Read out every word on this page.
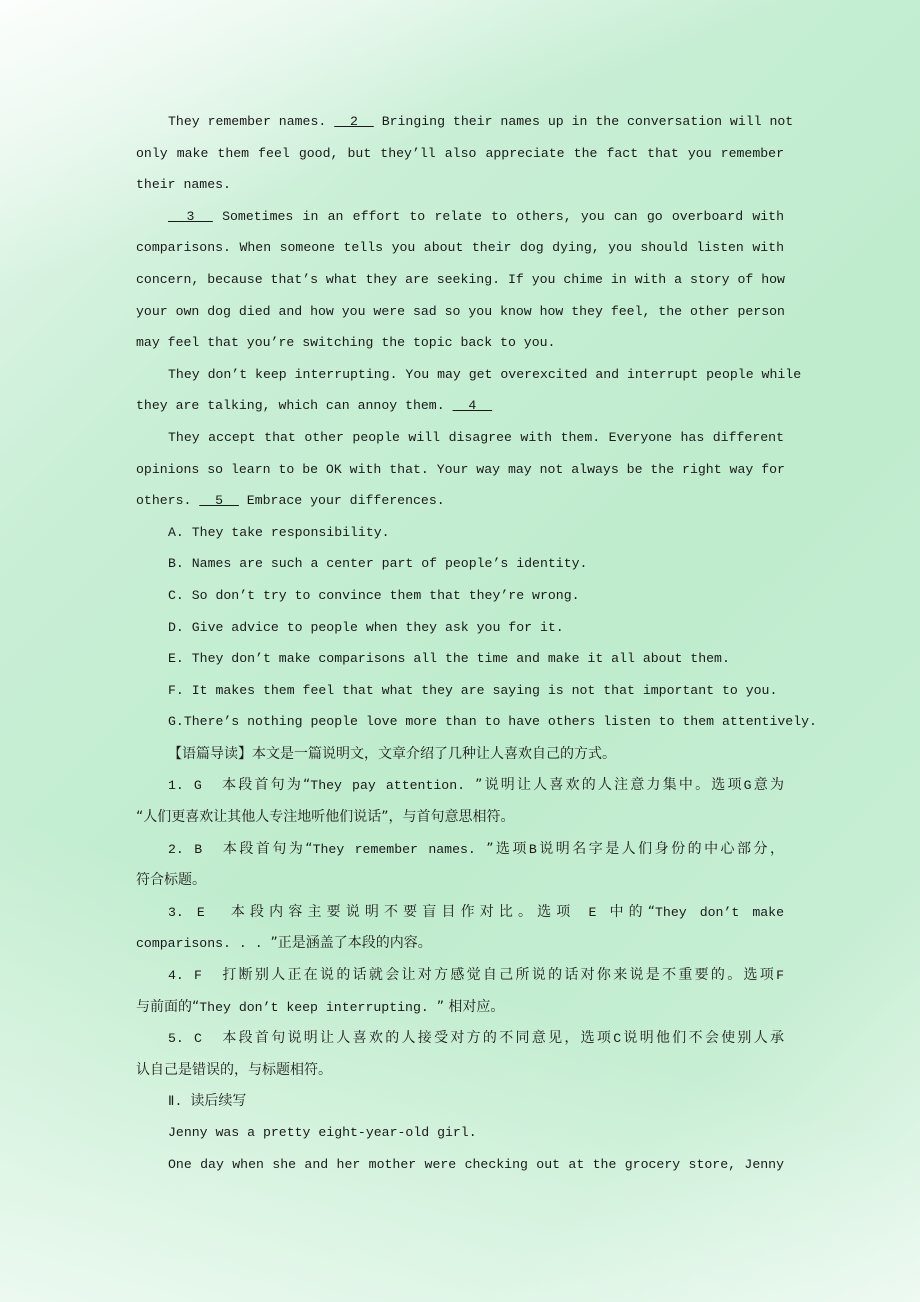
They remember names.   2   Bringing their names up in the conversation will not
only make them feel good, but they’ll also appreciate the fact that you remember
their names.
3   Sometimes in an effort to relate to others, you can go overboard with
comparisons. When someone tells you about their dog dying, you should listen with
concern, because that’s what they are seeking. If you chime in with a story of how
your own dog died and how you were sad so you know how they feel, the other person
may feel that you’re switching the topic back to you.
They don’t keep interrupting. You may get overexcited and interrupt people while
they are talking, which can annoy them.   4
They accept that other people will disagree with them. Everyone has different
opinions so learn to be OK with that. Your way may not always be the right way for
others.   5   Embrace your differences.
A. They take responsibility.
B. Names are such a center part of people’s identity.
C. So don’t try to convince them that they’re wrong.
D. Give advice to people when they ask you for it.
E. They don’t make comparisons all the time and make it all about them.
F. It makes them feel that what they are saying is not that important to you.
G.There’s nothing people love more than to have others listen to them attentively.
【语篇导读】本文是一篇说明文，文章介绍了几种让人喜欢自己的方式。
1. G  本段首句为“They pay attention. ”说明让人喜欢的人注意力集中。选项G意为
“人们更喜欢让其他人专注地听他们说话”，与首句意思相符。
2. B  本段首句为“They remember names. ”选项B说明名字是人们身份的中心部分，
符合标题。
3. E  本段内容主要说明不要盲目作对比。选项 E 中的“They don’t make
comparisons. . . ”正是涵盖了本段的内容。
4. F  打断别人正在说的话就会让对方感觉自己所说的话对你来说是不重要的。选项F
与前面的“They don’t keep interrupting. ” 相对应。
5. C  本段首句说明让人喜欢的人接受对方的不同意见，选项C说明他们不会使别人承
认自己是错误的，与标题相符。
Ⅱ. 读后续写
Jenny was a pretty eight-year-old girl.
One day when she and her mother were checking out at the grocery store, Jenny
